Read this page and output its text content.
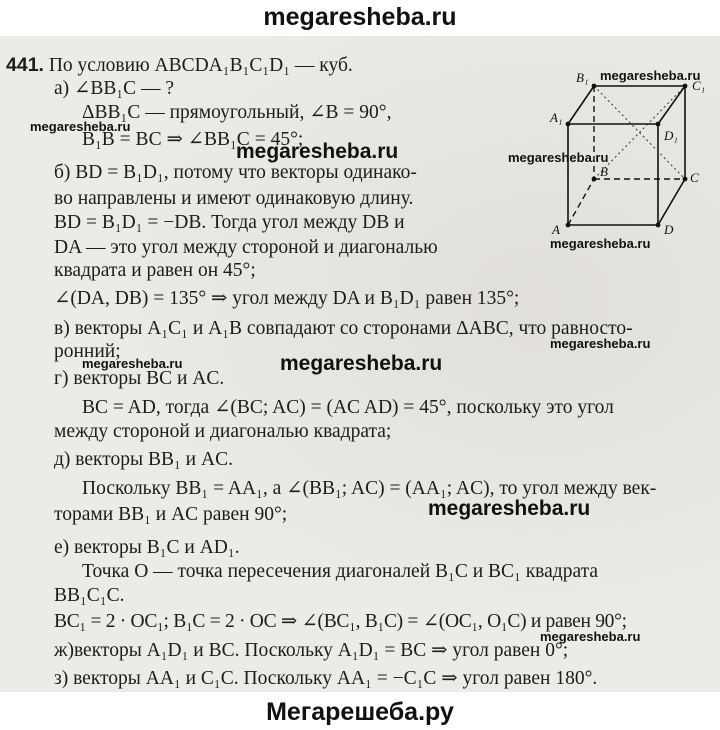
megaresheba.ru
441. По условию ABCDA₁B₁C₁D₁ — куб.
а) ∠BB₁C — ?
ΔBB₁C — прямоугольный, ∠B = 90°,
B₁B = BC ⇒ ∠BB₁C = 45°;
б) BD = B₁D₁, потому что векторы одинако-
во направлены и имеют одинаковую длину.
BD = B₁D₁ = −DB. Тогда угол между DB и
DA — это угол между стороной и диагональю
квадрата и равен он 45°;
∠(DA, DB) = 135° ⇒ угол между DA и B₁D₁ равен 135°;
в) векторы A₁C₁ и A₁B совпадают со сторонами ΔABC, что равносто-
ронний;
г) векторы BC и AC.
BC = AD, тогда ∠(BC; AC) = (AC AD) = 45°, поскольку это угол
между стороной и диагональю квадрата;
д) векторы BB₁ и AC.
Поскольку BB₁ = AA₁, а ∠(BB₁; AC) = (AA₁; AC), то угол между век-
торами BB₁ и AC равен 90°;
е) векторы B₁C и AD₁.
Точка O — точка пересечения диагоналей B₁C и BC₁ квадрата
BB₁C₁C.
BC₁ = 2 · OC₁; B₁C = 2 · OC ⇒ ∠(BC₁, B₁C) = ∠(OC₁, O₁C) и равен 90°;
ж)векторы A₁D₁ и BC. Поскольку A₁D₁ = BC ⇒ угол равен 0°;
з) векторы AA₁ и C₁C. Поскольку AA₁ = −C₁C ⇒ угол равен 180°.
B₁
C₁
A₁
D₁
B	C
A	D
megaresheba.ru
megaresheba.ru
megaresheba.ru	megaresheba.ru
megaresheba.ru
megaresheba.ru
megaresheba.ru	megaresheba.ru
megaresheba.ru
megaresheba.ru
Мегарешеба.ру
